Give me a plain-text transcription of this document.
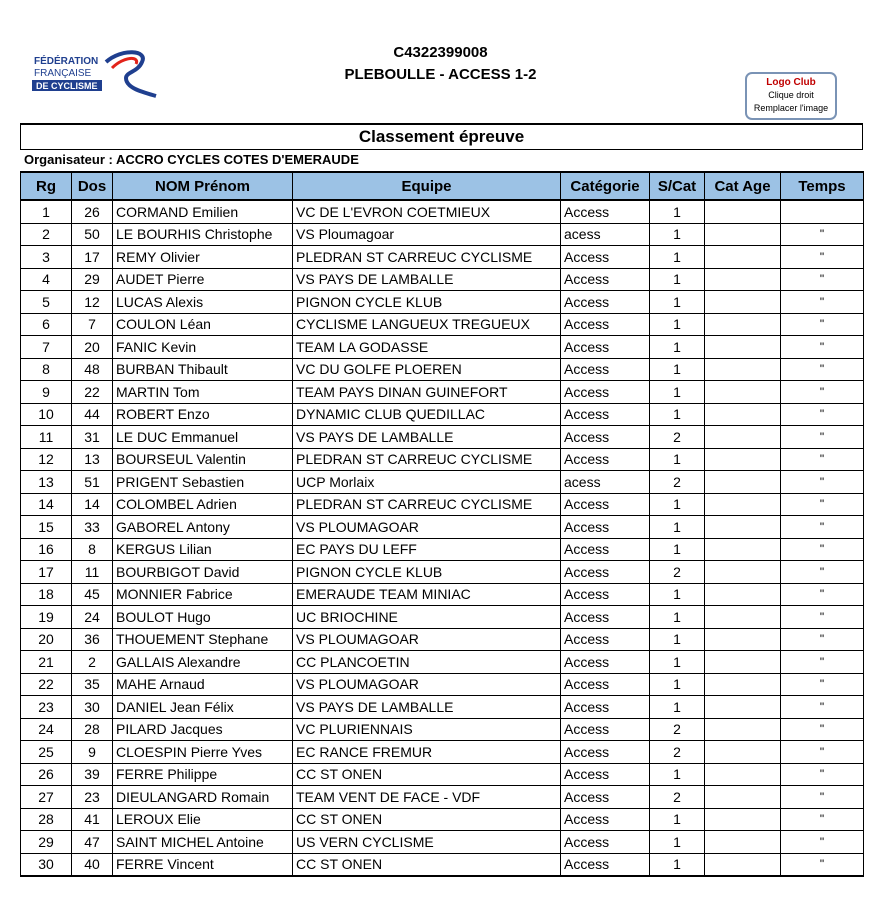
FÉDÉRATION
FRANÇAISE
DE CYCLISME
C4322399008
PLEBOULLE - ACCESS 1-2	Logo Club
Clique droit
Remplacer l'image
Classement épreuve
Organisateur : ACCRO CYCLES COTES D'EMERAUDE
Rg	Dos	NOM Prénom	Equipe	Catégorie	S/Cat	Cat Age	Temps
1	26	CORMAND Emilien	VC DE L'EVRON COETMIEUX	Access	1		
2	50	LE BOURHIS Christophe	VS Ploumagoar	acess	1		"
3	17	REMY Olivier	PLEDRAN ST CARREUC CYCLISME	Access	1		"
4	29	AUDET Pierre	VS PAYS DE LAMBALLE	Access	1		"
5	12	LUCAS Alexis	PIGNON CYCLE KLUB	Access	1		"
6	7	COULON Léan	CYCLISME LANGUEUX TREGUEUX	Access	1		"
7	20	FANIC Kevin	TEAM LA GODASSE	Access	1		"
8	48	BURBAN Thibault	VC DU GOLFE PLOEREN	Access	1		"
9	22	MARTIN Tom	TEAM PAYS DINAN GUINEFORT	Access	1		"
10	44	ROBERT Enzo	DYNAMIC CLUB QUEDILLAC	Access	1		"
11	31	LE DUC Emmanuel	VS PAYS DE LAMBALLE	Access	2		"
12	13	BOURSEUL Valentin	PLEDRAN ST CARREUC CYCLISME	Access	1		"
13	51	PRIGENT Sebastien	UCP Morlaix	acess	2		"
14	14	COLOMBEL Adrien	PLEDRAN ST CARREUC CYCLISME	Access	1		"
15	33	GABOREL Antony	VS PLOUMAGOAR	Access	1		"
16	8	KERGUS Lilian	EC PAYS DU LEFF	Access	1		"
17	11	BOURBIGOT David	PIGNON CYCLE KLUB	Access	2		"
18	45	MONNIER Fabrice	EMERAUDE TEAM MINIAC	Access	1		"
19	24	BOULOT Hugo	UC BRIOCHINE	Access	1		"
20	36	THOUEMENT Stephane	VS PLOUMAGOAR	Access	1		"
21	2	GALLAIS Alexandre	CC PLANCOETIN	Access	1		"
22	35	MAHE Arnaud	VS PLOUMAGOAR	Access	1		"
23	30	DANIEL Jean Félix	VS PAYS DE LAMBALLE	Access	1		"
24	28	PILARD Jacques	VC PLURIENNAIS	Access	2		"
25	9	CLOESPIN Pierre Yves	EC RANCE FREMUR	Access	2		"
26	39	FERRE Philippe	CC ST ONEN	Access	1		"
27	23	DIEULANGARD Romain	TEAM VENT DE FACE - VDF	Access	2		"
28	41	LEROUX Elie	CC ST ONEN	Access	1		"
29	47	SAINT MICHEL Antoine	US VERN CYCLISME	Access	1		"
30	40	FERRE Vincent	CC ST ONEN	Access	1		"
